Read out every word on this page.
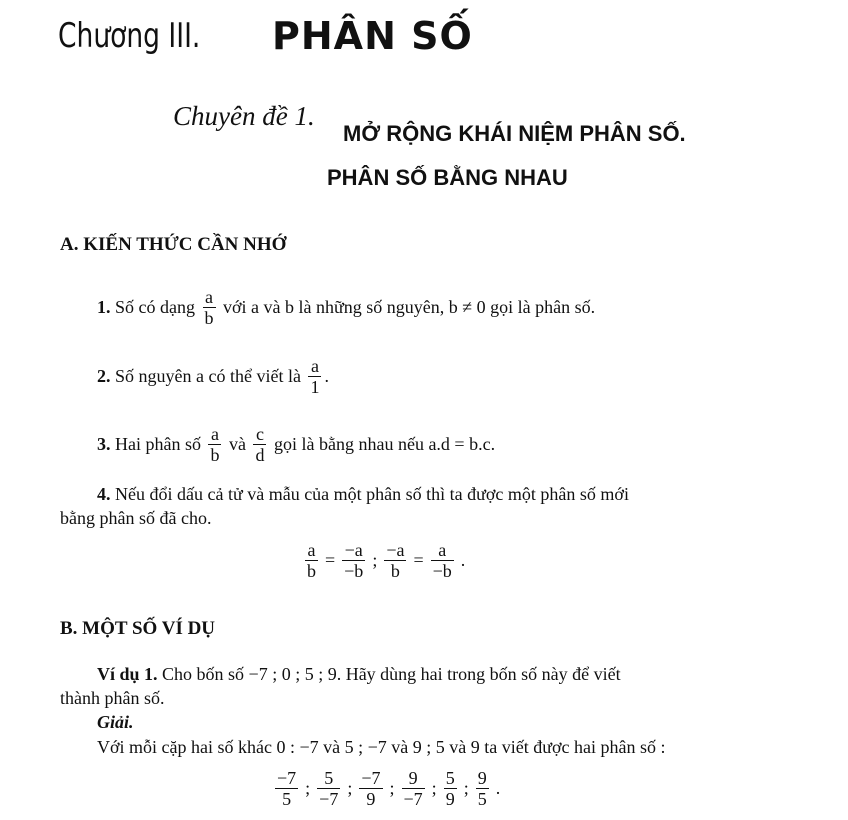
Chương III. PHÂN SỐ
Chuyên đề 1.
MỞ RỘNG KHÁI NIỆM PHÂN SỐ.
PHÂN SỐ BẰNG NHAU
A. KIẾN THỨC CẦN NHỚ
1.
Số có dạng
$\frac{a}{b}$
với a và b là những số nguyên, b ≠ 0 gọi là phân số.
2.
Số nguyên a có thể viết là
$\frac{a}{1}$ .
3.
Hai phân số
$\frac{a}{b}$
và
$\frac{c}{d}$
gọi là bằng nhau nếu a.d = b.c.
4. Nếu đổi dấu cả tử và mẫu của một phân số thì ta được một phân số mới
bằng phân số đã cho.
$\frac{a}{b} = \frac{-a}{-b}$ ; $\frac{-a}{b} = \frac{a}{-b}$ .
B. MỘT SỐ VÍ DỤ
Ví dụ 1. Cho bốn số −7 ; 0 ; 5 ; 9. Hãy dùng hai trong bốn số này để viết
thành phân số.
Giải.
Với mỗi cặp hai số khác 0 : −7 và 5 ; −7 và 9 ; 5 và 9 ta viết được hai phân số :
$\frac{-7}{5}$ ; $\frac{5}{-7}$ ; $\frac{-7}{9}$ ; $\frac{9}{-7}$ ; $\frac{5}{9}$ ; $\frac{9}{5}$ .
